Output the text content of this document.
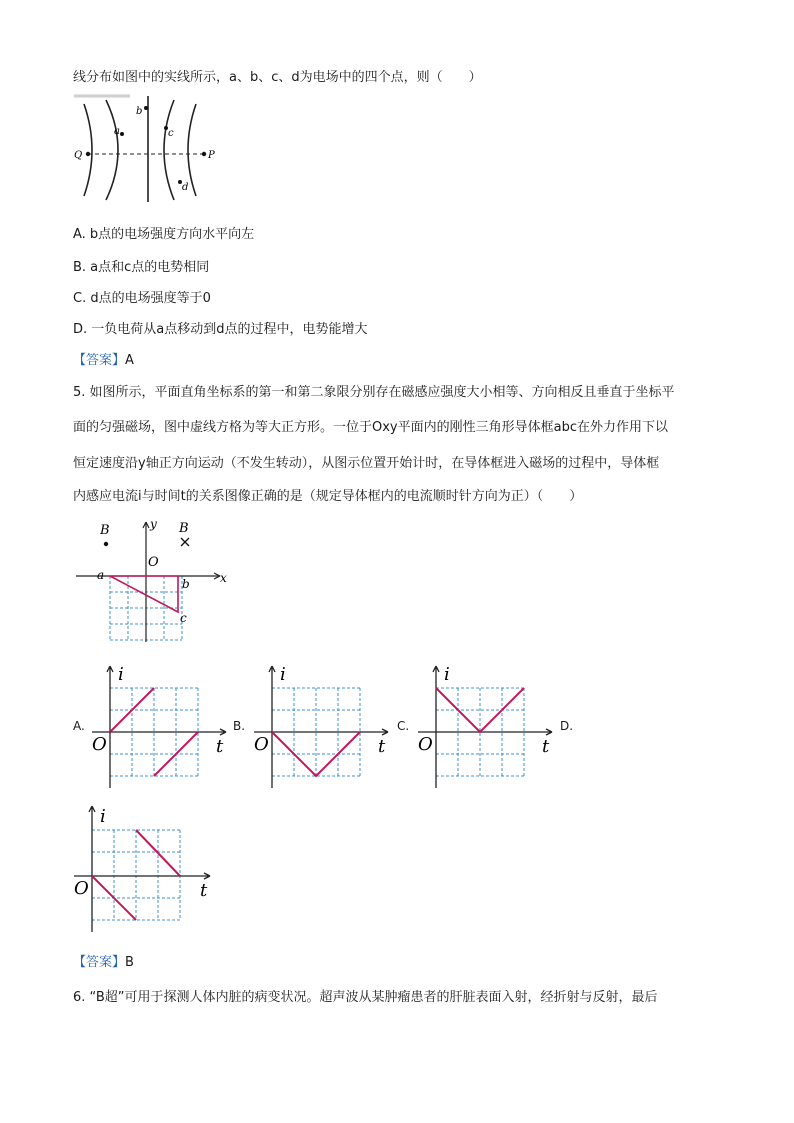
线分布如图中的实线所示，a、b、c、d为电场中的四个点，则（　　）
Q	P
a
b
c
d
A. b点的电场强度方向水平向左
B. a点和c点的电势相同
C. d点的电场强度等于0
D. 一负电荷从a点移动到d点的过程中，电势能增大
【答案】A
5. 如图所示，平面直角坐标系的第一和第二象限分别存在磁感应强度大小相等、方向相反且垂直于坐标平
面的匀强磁场，图中虚线方格为等大正方形。一位于Oxy平面内的刚性三角形导体框abc在外力作用下以
恒定速度沿y轴正方向运动（不发生转动），从图示位置开始计时，在导体框进入磁场的过程中，导体框
内感应电流i与时间t的关系图像正确的是（规定导体框内的电流顺时针方向为正）（　　）
B	B
y
O
x
a
b
c
A.
i
O	t
B.
i
O	t
C.
i
O	t
D.
i
O	t
【答案】B
6. “B超”可用于探测人体内脏的病变状况。超声波从某肿瘤患者的肝脏表面入射，经折射与反射，最后
